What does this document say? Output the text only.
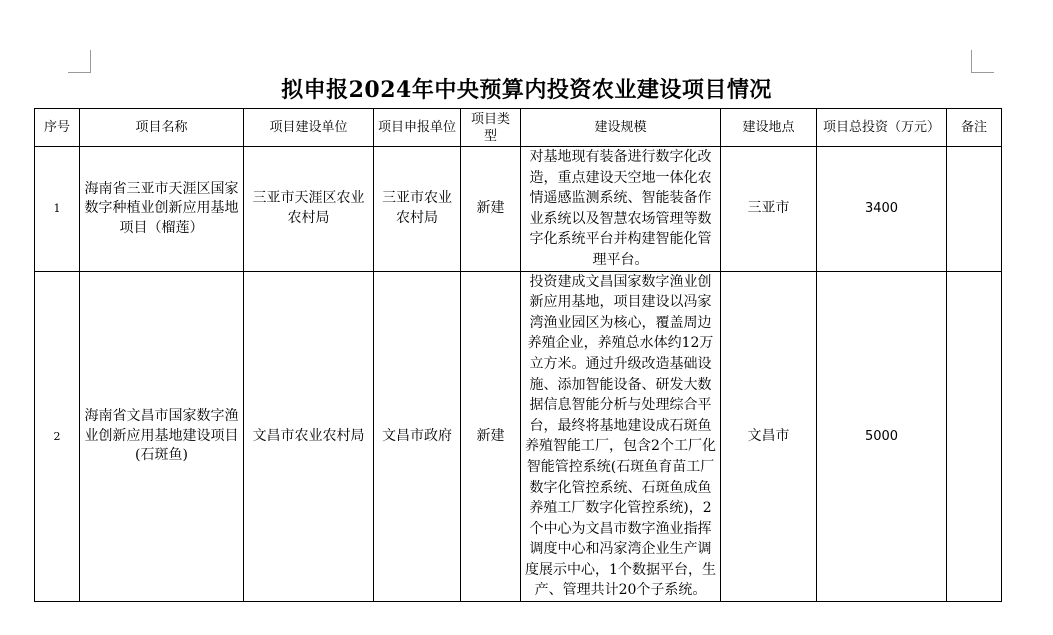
拟申报2024年中央预算内投资农业建设项目情况
序号	项目名称	项目建设单位	项目申报单位	项目类型	建设规模	建设地点	项目总投资（万元）	备注
1	海南省三亚市天涯区国家数字种植业创新应用基地项目（榴莲）	三亚市天涯区农业农村局	三亚市农业农村局	新建	对基地现有装备进行数字化改造，重点建设天空地一体化农情遥感监测系统、智能装备作业系统以及智慧农场管理等数字化系统平台并构建智能化管理平台。	三亚市	3400	
2	海南省文昌市国家数字渔业创新应用基地建设项目(石斑鱼)	文昌市农业农村局	文昌市政府	新建	投资建成文昌国家数字渔业创新应用基地，项目建设以冯家湾渔业园区为核心，覆盖周边养殖企业，养殖总水体约12万立方米。通过升级改造基础设施、添加智能设备、研发大数据信息智能分析与处理综合平台，最终将基地建设成石斑鱼养殖智能工厂，包含2个工厂化智能管控系统(石斑鱼育苗工厂数字化管控系统、石斑鱼成鱼养殖工厂数字化管控系统)，2个中心为文昌市数字渔业指挥调度中心和冯家湾企业生产调度展示中心，1个数据平台，生产、管理共计20个子系统。	文昌市	5000	
